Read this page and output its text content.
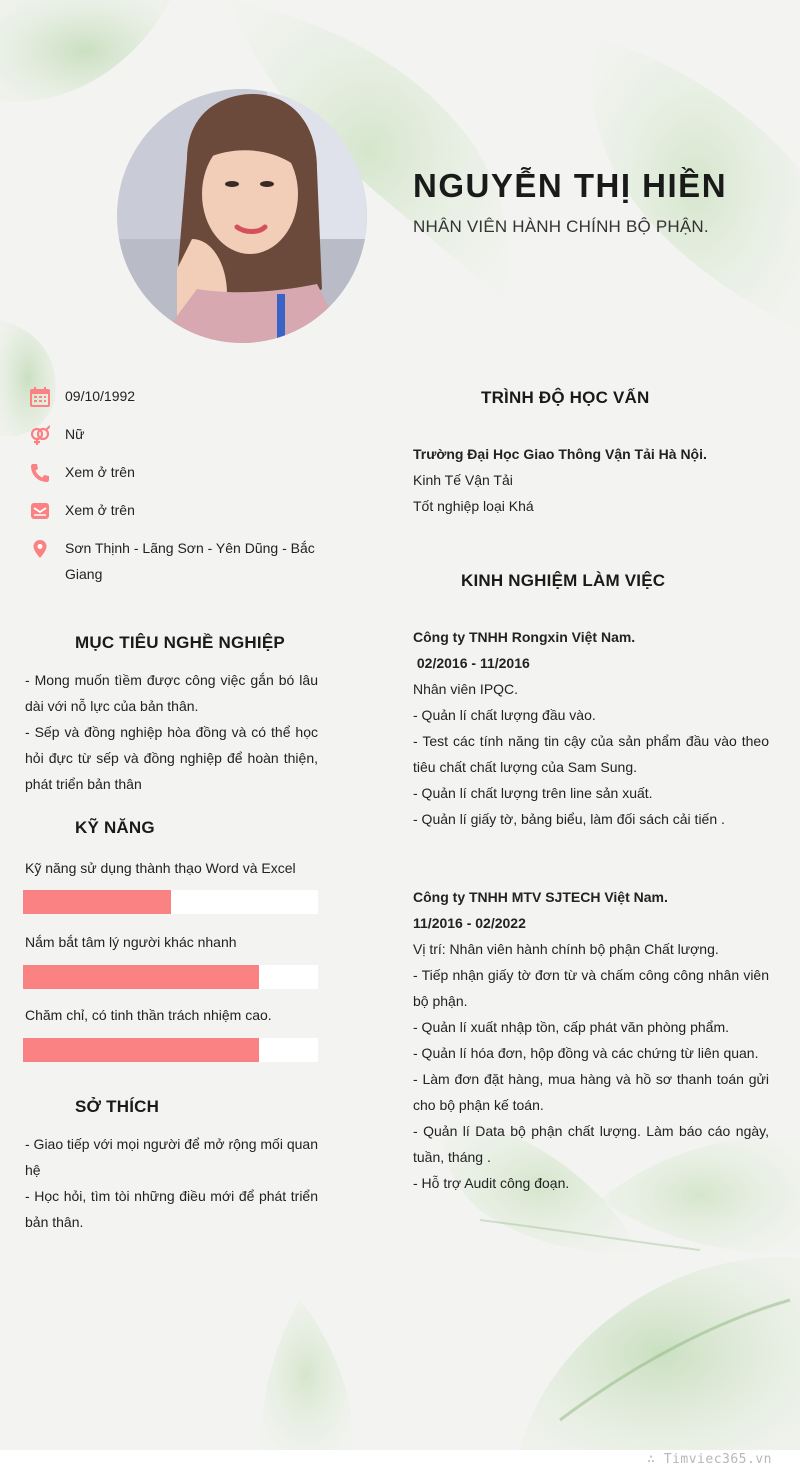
∴ Timviec365.vn
NGUYỄN THỊ HIỀN
NHÂN VIÊN HÀNH CHÍNH BỘ PHẬN.
09/10/1992
Nữ
Xem ở trên
Xem ở trên
Sơn Thịnh - Lãng Sơn - Yên Dũng - Bắc Giang
MỤC TIÊU NGHỀ NGHIỆP

- Mong muốn tìềm được công việc gắn bó lâu dài với nỗ lực của bản thân.

- Sếp và đồng nghiệp hòa đồng và có thể học hỏi đực từ sếp và đồng nghiệp để hoàn thiện, phát triển bản thân

KỸ NĂNG
Kỹ năng sử dụng thành thạo Word và Excel
Nắm bắt tâm lý người khác nhanh
Chăm chỉ, có tinh thần trách nhiệm cao.
SỞ THÍCH

- Giao tiếp với mọi người để mở rộng mối quan hệ

- Học hỏi, tìm tòi những điều mới để phát triển bản thân.

TRÌNH ĐỘ HỌC VẤN

Trường Đại Học Giao Thông Vận Tải Hà Nội.

Kinh Tế Vận Tải

Tốt nghiệp loại Khá

KINH NGHIỆM LÀM VIỆC

Công ty TNHH Rongxin Việt Nam.

02/2016 - 11/2016

Nhân viên IPQC.

- Quản lí chất lượng đầu vào.

- Test các tính năng tin cậy của sản phẩm đầu vào theo tiêu chất chất lượng của Sam Sung.

- Quản lí chất lượng trên line sản xuất.

- Quản lí giấy tờ, bảng biểu, làm đối sách cải tiến .

Công ty TNHH MTV SJTECH Việt Nam.

11/2016 - 02/2022

Vị trí: Nhân viên hành chính bộ phận Chất lượng.

- Tiếp nhận giấy tờ đơn từ và chấm công công nhân viên bộ phận.

- Quản lí xuất nhập tồn, cấp phát văn phòng phẩm.

- Quản lí hóa đơn, hộp đồng và các chứng từ liên quan.

- Làm đơn đặt hàng, mua hàng và hồ sơ thanh toán gửi cho bộ phận kế toán.

- Quản lí Data bộ phận chất lượng. Làm báo cáo ngày, tuần, tháng .

- Hỗ trợ Audit công đoạn.
